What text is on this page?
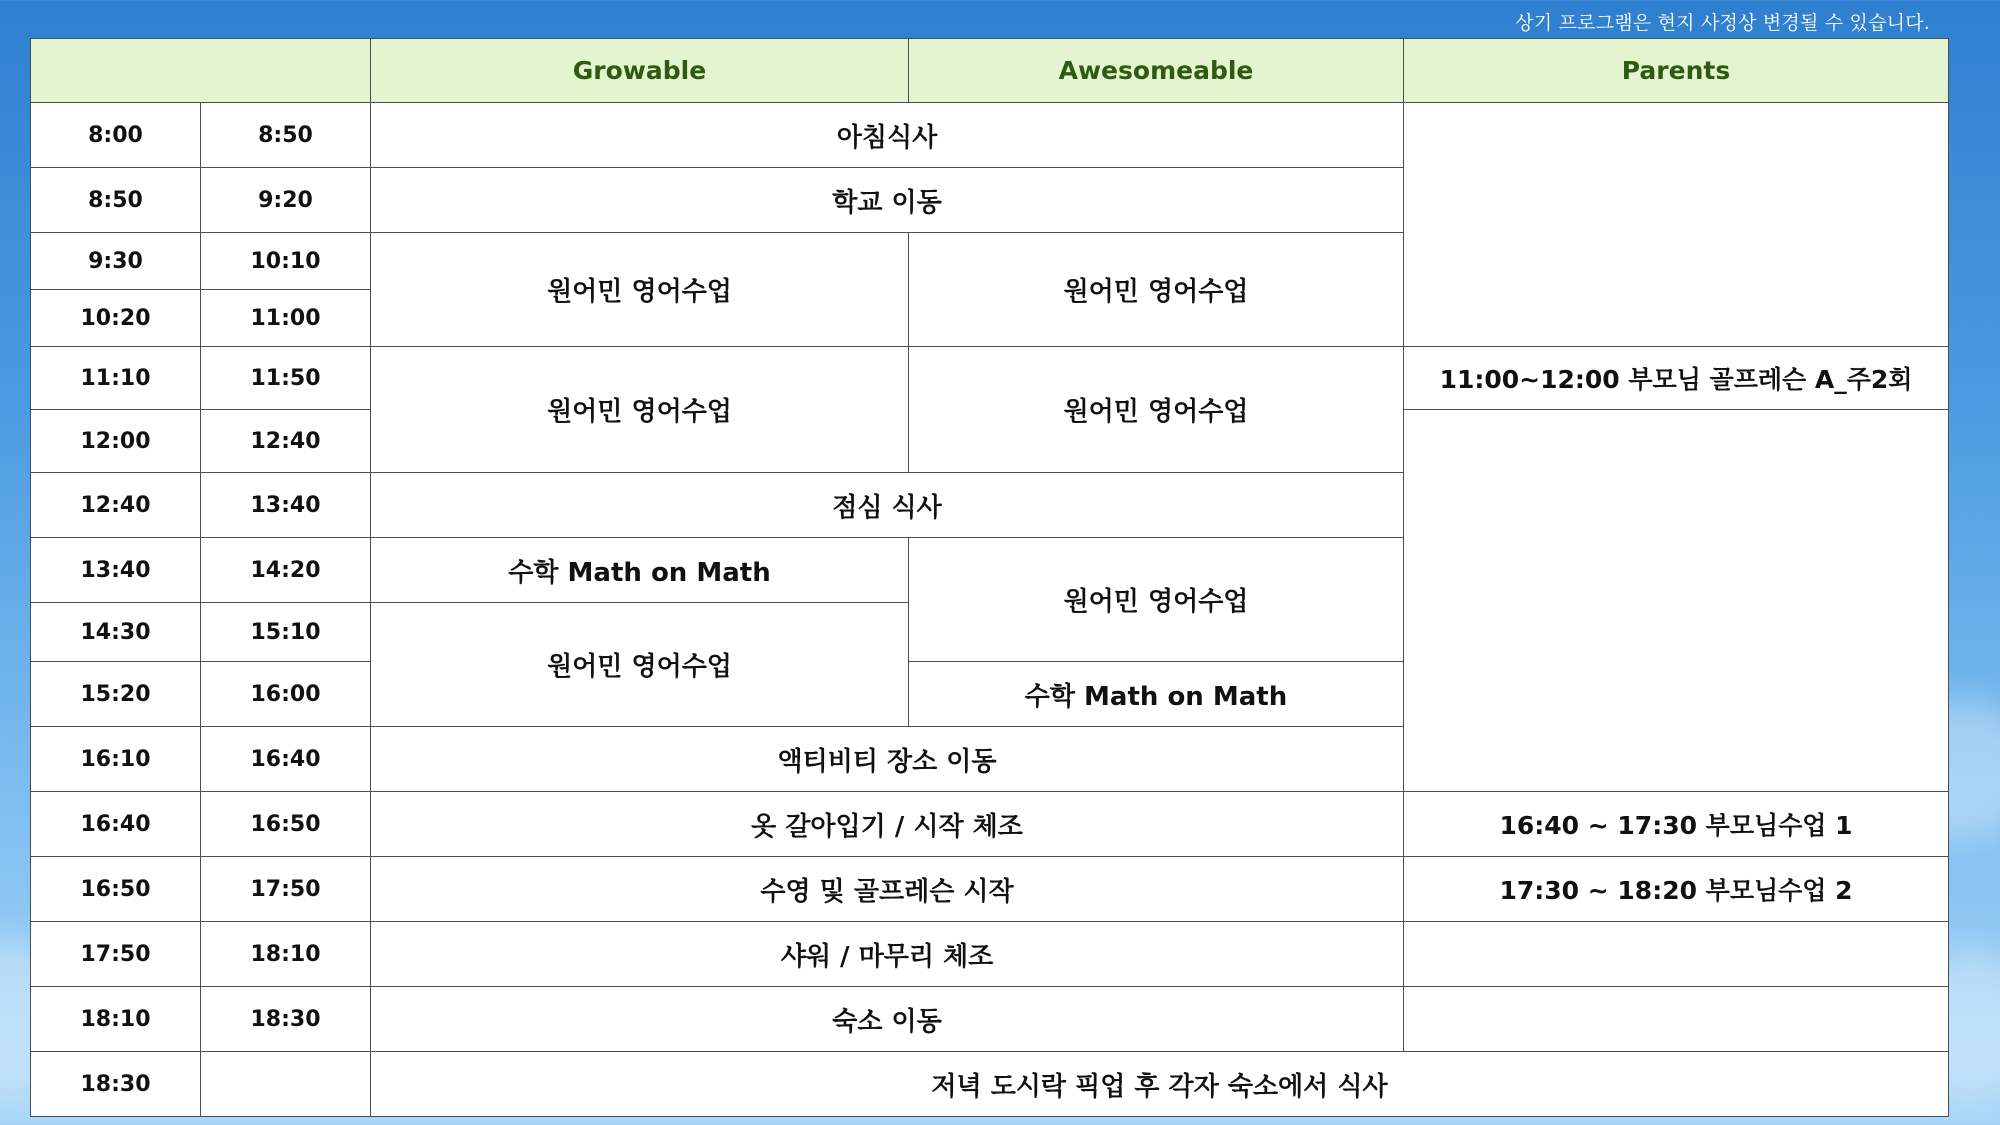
상기 프로그램은 현지 사정상 변경될 수 있습니다.
		Growable	Awesomeable	Parents
8:00	8:50	아침식사		
8:50	9:20	학교 이동		
9:30	10:10	원어민 영어수업	원어민 영어수업	
10:20	11:00			
11:10	11:50	원어민 영어수업	원어민 영어수업	11:00~12:00 부모님 골프레슨 A_주2회
12:00	12:40			
12:40	13:40	점심 식사		
13:40	14:20	수학 Math on Math	원어민 영어수업	
14:30	15:10	원어민 영어수업		
15:20	16:00		수학 Math on Math	
16:10	16:40	액티비티 장소 이동		
16:40	16:50	옷 갈아입기 / 시작 체조		16:40 ~ 17:30 부모님수업 1
16:50	17:50	수영 및 골프레슨 시작		17:30 ~ 18:20 부모님수업 2
17:50	18:10	샤워 / 마무리 체조		
18:10	18:30	숙소 이동		
18:30		저녁 도시락 픽업 후 각자 숙소에서 식사		
